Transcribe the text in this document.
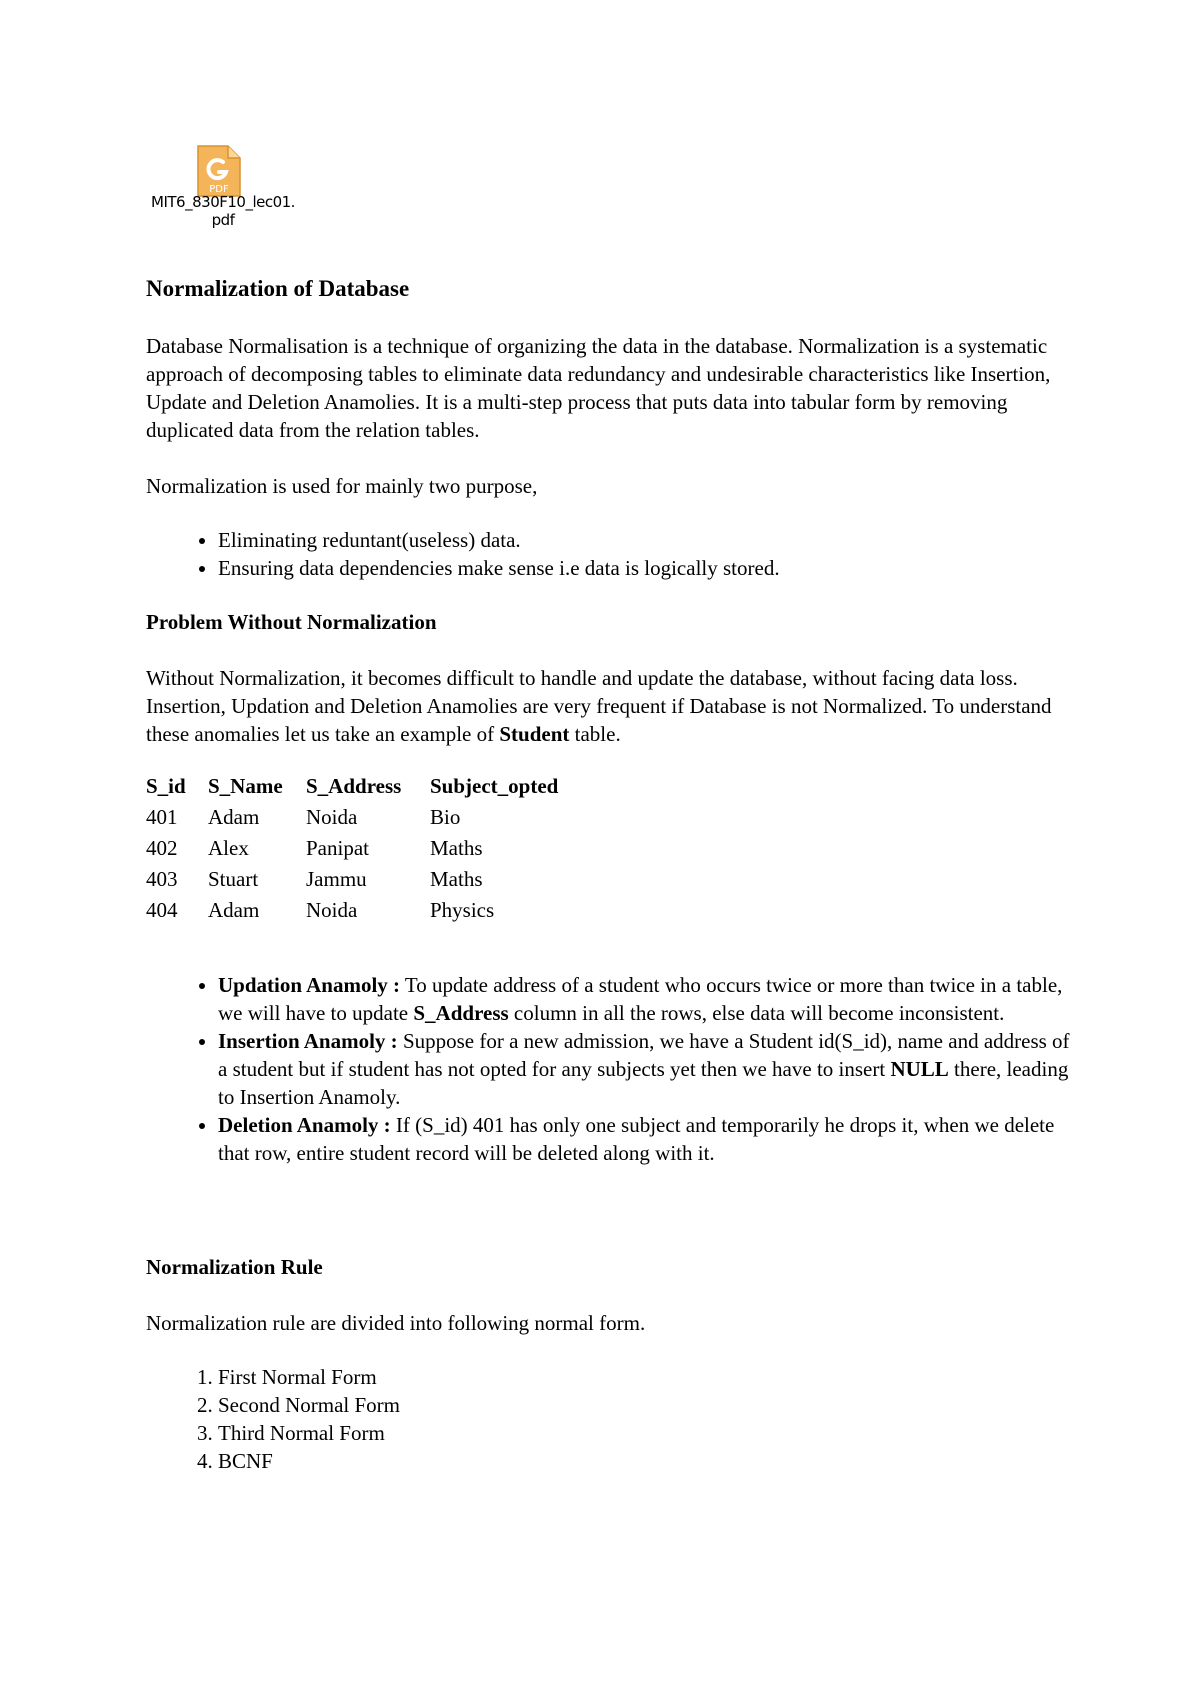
PDF
MIT6_830F10_lec01.
pdf
Normalization of Database

Database Normalisation is a technique of organizing the data in the database. Normalization is a systematic approach of decomposing tables to eliminate data redundancy and undesirable characteristics like Insertion, Update and Deletion Anamolies. It is a multi-step process that puts data into tabular form by removing duplicated data from the relation tables.

Normalization is used for mainly two purpose,

• Eliminating reduntant(useless) data.
• Ensuring data dependencies make sense i.e data is logically stored.
Problem Without Normalization

Without Normalization, it becomes difficult to handle and update the database, without facing data loss. Insertion, Updation and Deletion Anamolies are very frequent if Database is not Normalized. To understand these anomalies let us take an example of Student table.

S_id	S_Name	S_Address	Subject_opted
401	Adam	Noida	Bio
402	Alex	Panipat	Maths
403	Stuart	Jammu	Maths
404	Adam	Noida	Physics
• Updation Anamoly : To update address of a student who occurs twice or more than twice in a table, we will have to update S_Address column in all the rows, else data will become inconsistent.
• Insertion Anamoly : Suppose for a new admission, we have a Student id(S_id), name and address of a student but if student has not opted for any subjects yet then we have to insert NULL there, leading to Insertion Anamoly.
• Deletion Anamoly : If (S_id) 401 has only one subject and temporarily he drops it, when we delete that row, entire student record will be deleted along with it.
Normalization Rule

Normalization rule are divided into following normal form.

1. First Normal Form
2. Second Normal Form
3. Third Normal Form
4. BCNF
